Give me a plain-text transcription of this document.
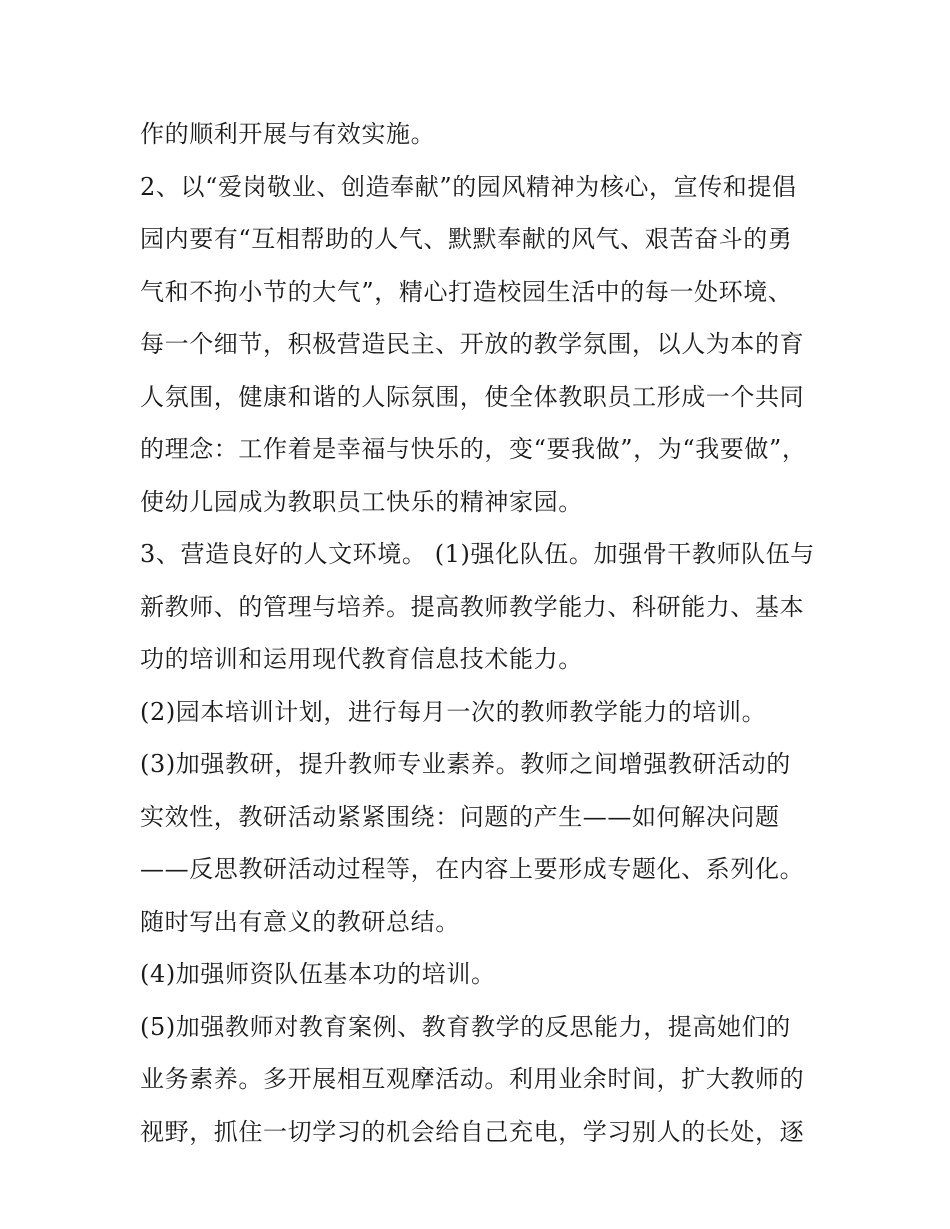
作的顺利开展与有效实施。
2、以“爱岗敬业、创造奉献”的园风精神为核心，宣传和提倡
园内要有“互相帮助的人气、默默奉献的风气、艰苦奋斗的勇
气和不拘小节的大气”，精心打造校园生活中的每一处环境、
每一个细节，积极营造民主、开放的教学氛围，以人为本的育
人氛围，健康和谐的人际氛围，使全体教职员工形成一个共同
的理念：工作着是幸福与快乐的，变“要我做”，为“我要做”，
使幼儿园成为教职员工快乐的精神家园。
3、营造良好的人文环境。 (1)强化队伍。加强骨干教师队伍与
新教师、的管理与培养。提高教师教学能力、科研能力、基本
功的培训和运用现代教育信息技术能力。
(2)园本培训计划，进行每月一次的教师教学能力的培训。
(3)加强教研，提升教师专业素养。教师之间增强教研活动的
实效性，教研活动紧紧围绕：问题的产生——如何解决问题
——反思教研活动过程等，在内容上要形成专题化、系列化。
随时写出有意义的教研总结。
(4)加强师资队伍基本功的培训。
(5)加强教师对教育案例、教育教学的反思能力，提高她们的
业务素养。多开展相互观摩活动。利用业余时间，扩大教师的
视野，抓住一切学习的机会给自己充电，学习别人的长处，逐
